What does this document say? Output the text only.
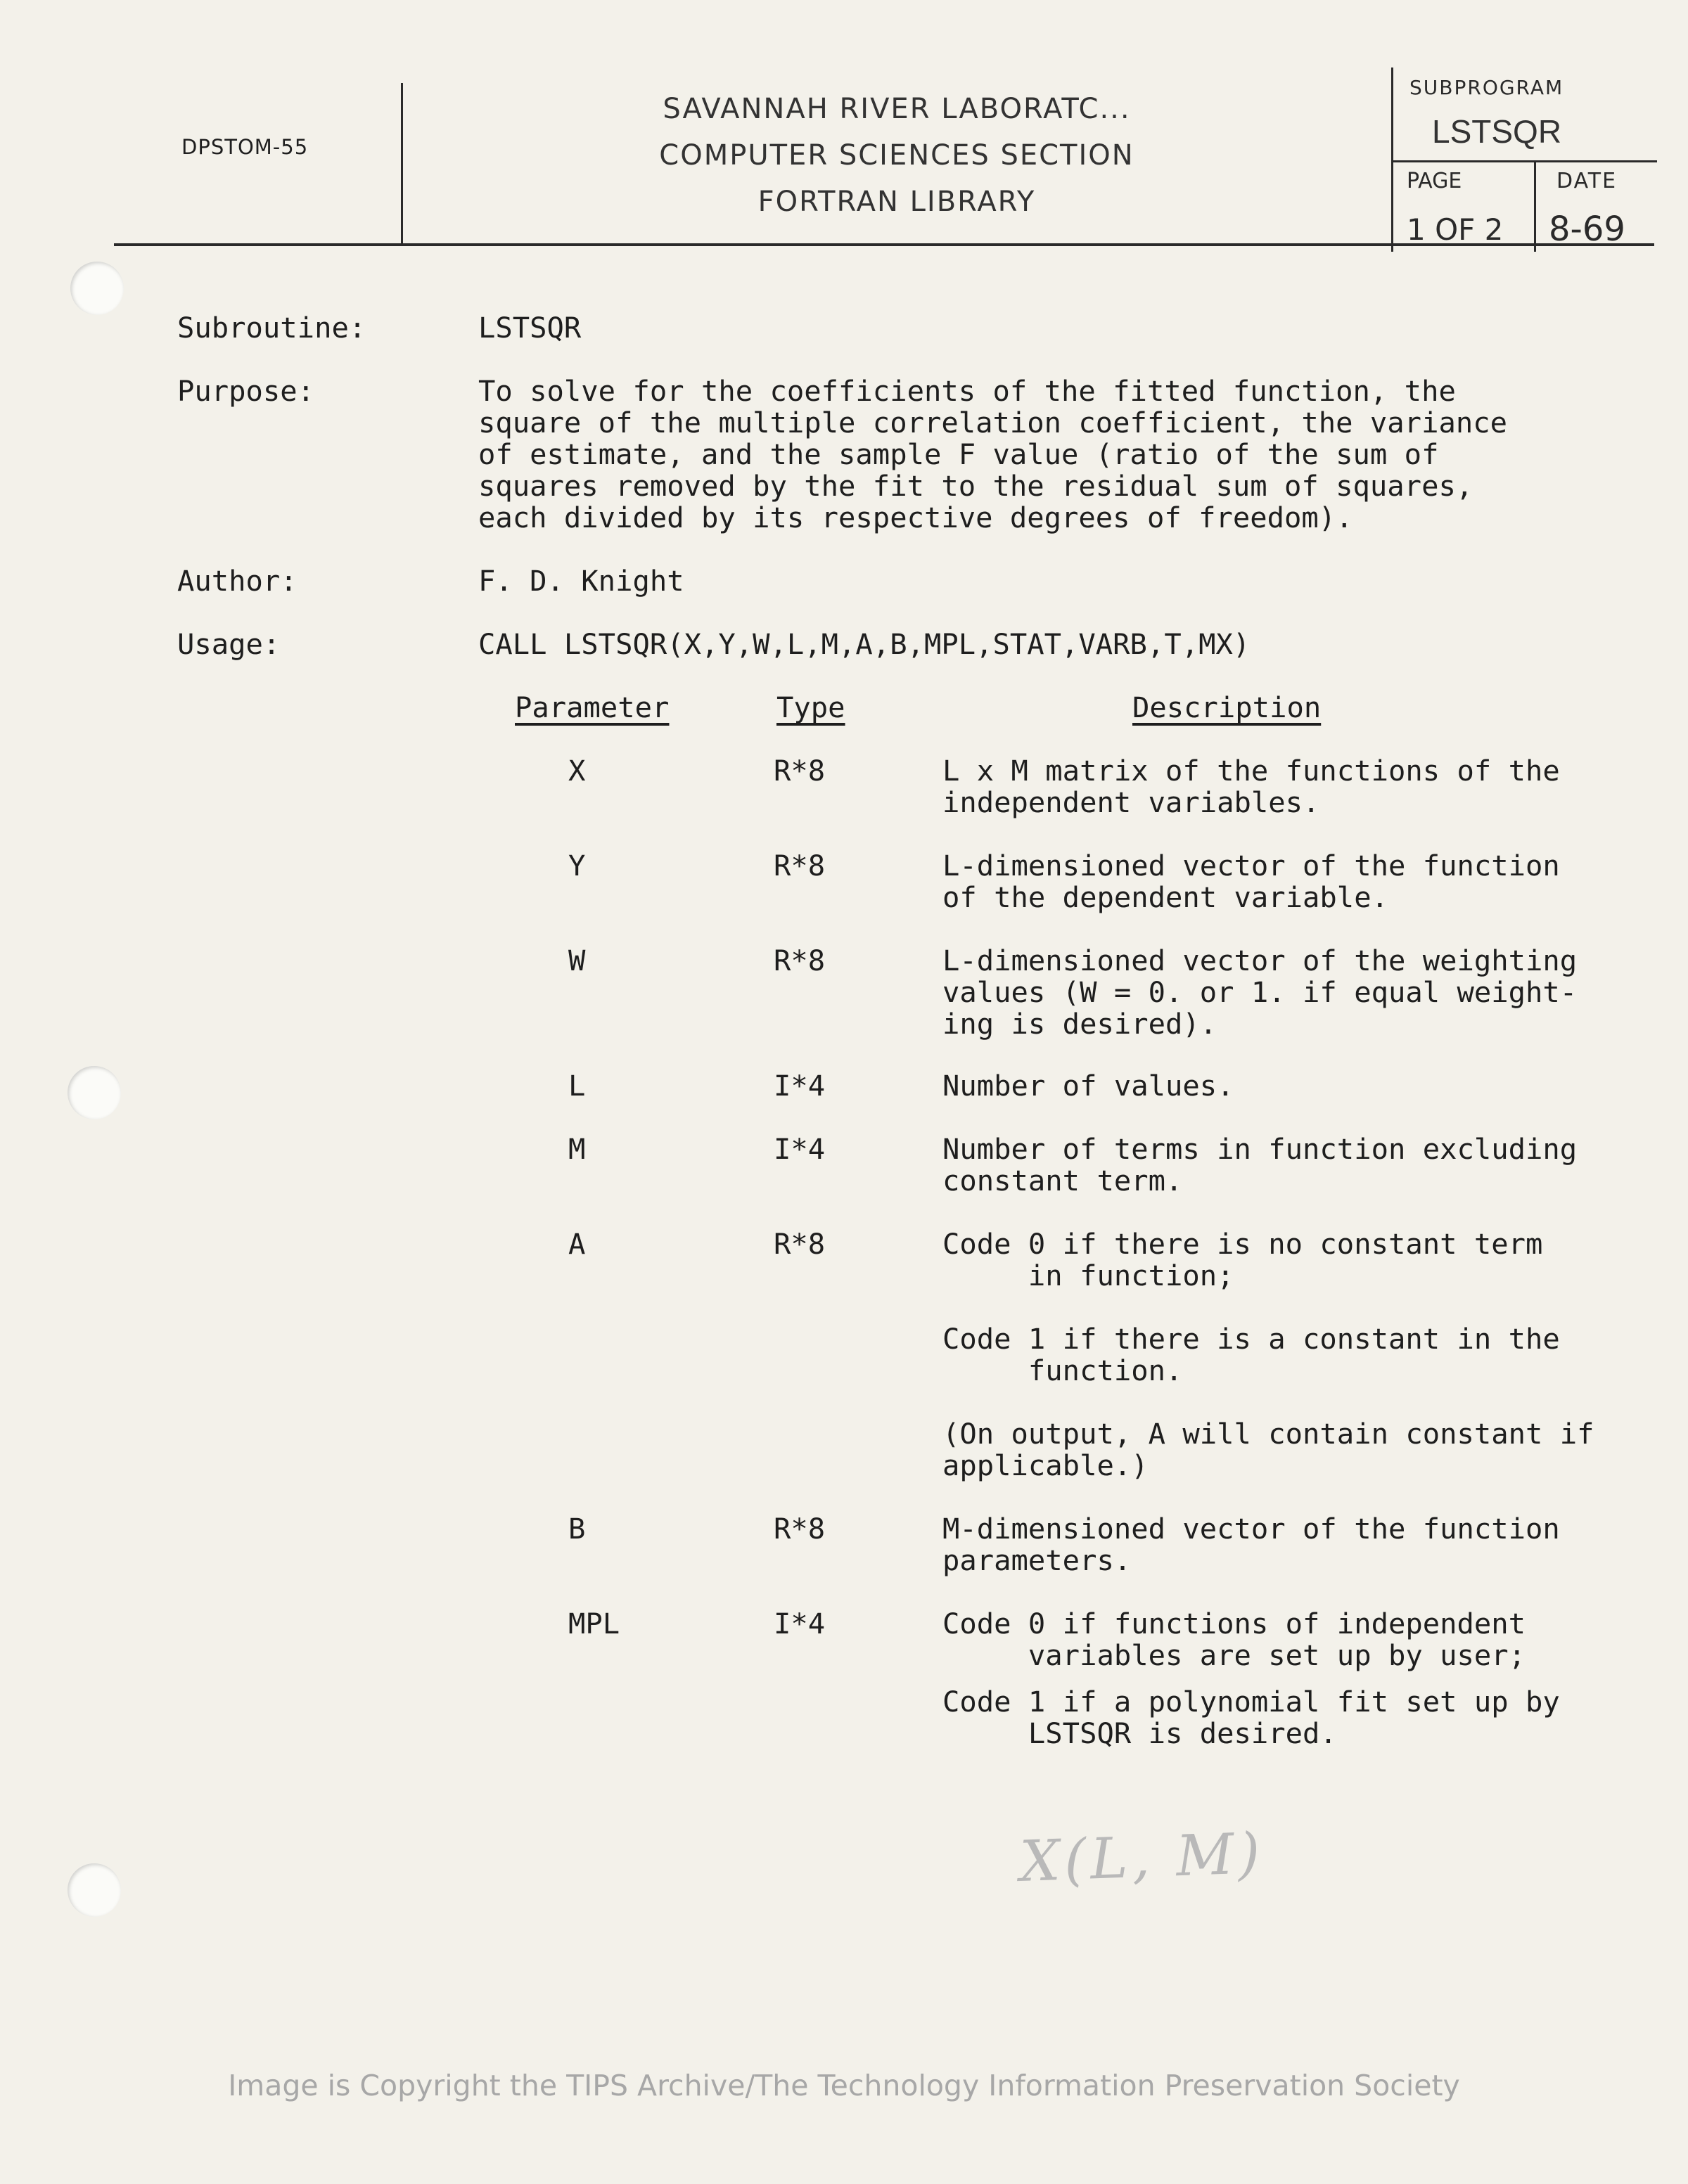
DPSTOM-55
SAVANNAH RIVER LABORATC...
COMPUTER SCIENCES SECTION
FORTRAN LIBRARY
SUBPROGRAM
LSTSQR
PAGE	DATE
1 OF 2 8-69
Subroutine:	LSTSQR
Purpose:	To solve for the coefficients of the fitted function, the
square of the multiple correlation coefficient, the variance
of estimate, and the sample F value (ratio of the sum of
squares removed by the fit to the residual sum of squares,
each divided by its respective degrees of freedom).
Author:	F. D. Knight
Usage:	CALL LSTSQR(X,Y,W,L,M,A,B,MPL,STAT,VARB,T,MX)
Parameter	Type	Description
X	R*8	L x M matrix of the functions of the
independent variables.
Y	R*8	L-dimensioned vector of the function
of the dependent variable.
W	R*8	L-dimensioned vector of the weighting
values (W = 0. or 1. if equal weight-
ing is desired).
L	I*4	Number of values.
M	I*4	Number of terms in function excluding
constant term.
A	R*8	Code 0 if there is no constant term
in function;
Code 1 if there is a constant in the
function.
(On output, A will contain constant if
applicable.)
B	R*8	M-dimensioned vector of the function
parameters.
MPL	I*4	Code 0 if functions of independent
variables are set up by user;
Code 1 if a polynomial fit set up by
LSTSQR is desired.
X(L, M)
Image is Copyright the TIPS Archive/The Technology Information Preservation Society
